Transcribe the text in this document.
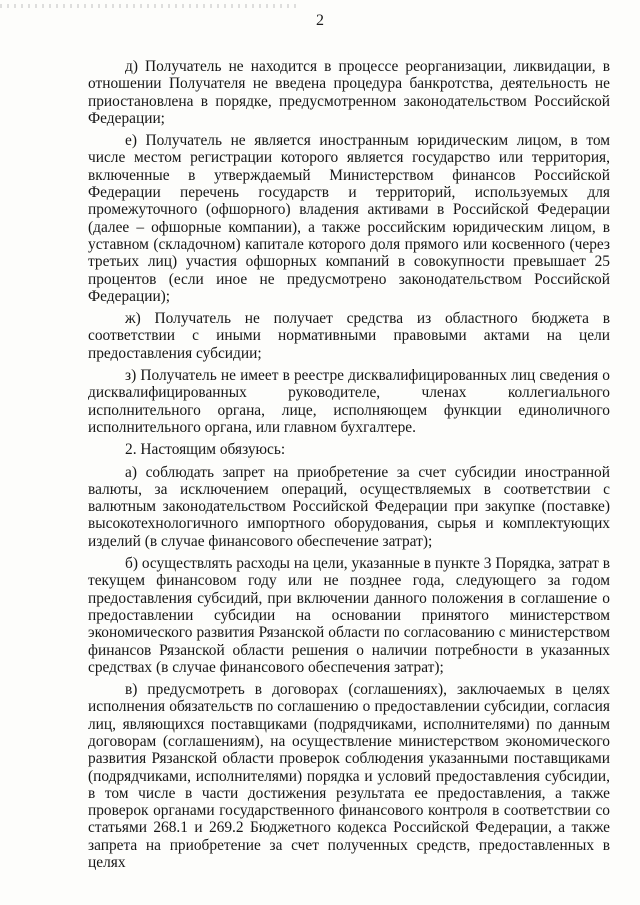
2

д) Получатель не находится в процессе реорганизации, ликвидации, в отношении Получателя не введена процедура банкротства, деятельность не приостановлена в порядке, предусмотренном законодательством Российской Федерации;

е) Получатель не является иностранным юридическим лицом, в том числе местом регистрации которого является государство или территория, включенные в утверждаемый Министерством финансов Российской Федерации перечень государств и территорий, используемых для промежуточного (офшорного) владения активами в Российской Федерации (далее – офшорные компании), а также российским юридическим лицом, в уставном (складочном) капитале которого доля прямого или косвенного (через третьих лиц) участия офшорных компаний в совокупности превышает 25 процентов (если иное не предусмотрено законодательством Российской Федерации);

ж) Получатель не получает средства из областного бюджета в соответствии с иными нормативными правовыми актами на цели предоставления субсидии;

з) Получатель не имеет в реестре дисквалифицированных лиц сведения о дисквалифицированных руководителе, членах коллегиального исполнительного органа, лице, исполняющем функции единоличного исполнительного органа, или главном бухгалтере.

2. Настоящим обязуюсь:

а) соблюдать запрет на приобретение за счет субсидии иностранной валюты, за исключением операций, осуществляемых в соответствии с валютным законодательством Российской Федерации при закупке (поставке) высокотехнологичного импортного оборудования, сырья и комплектующих изделий (в случае финансового обеспечение затрат);

б) осуществлять расходы на цели, указанные в пункте 3 Порядка, затрат в текущем финансовом году или не позднее года, следующего за годом предоставления субсидий, при включении данного положения в соглашение о предоставлении субсидии на основании принятого министерством экономического развития Рязанской области по согласованию с министерством финансов Рязанской области решения о наличии потребности в указанных средствах (в случае финансового обеспечения затрат);

в) предусмотреть в договорах (соглашениях), заключаемых в целях исполнения обязательств по соглашению о предоставлении субсидии, согласия лиц, являющихся поставщиками (подрядчиками, исполнителями) по данным договорам (соглашениям), на осуществление министерством экономического развития Рязанской области проверок соблюдения указанными поставщиками (подрядчиками, исполнителями) порядка и условий предоставления субсидии, в том числе в части достижения результата ее предоставления, а также проверок органами государственного финансового контроля в соответствии со статьями 268.1 и 269.2 Бюджетного кодекса Российской Федерации, а также запрета на приобретение за счет полученных средств, предоставленных в целях
